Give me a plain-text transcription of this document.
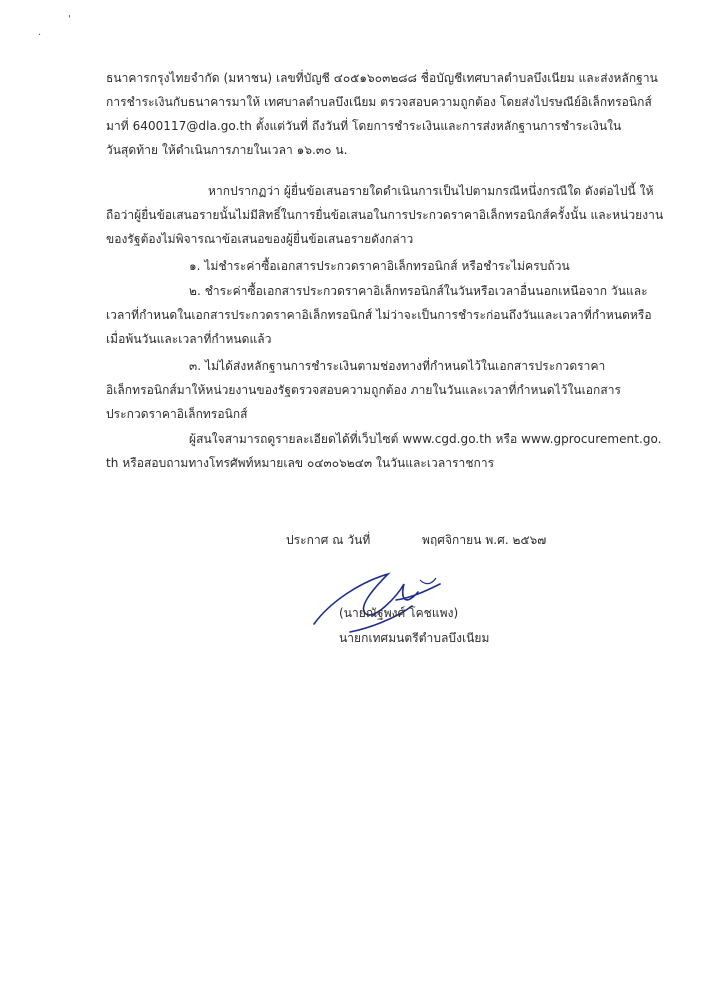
'
·
ธนาคารกรุงไทยจำกัด (มหาชน) เลขที่บัญชี ๔๐๕๑๖๐๓๒๘๘ ชื่อบัญชีเทศบาลตำบลบึงเนียม และส่งหลักฐาน
การชำระเงินกับธนาคารมาให้ เทศบาลตำบลบึงเนียม ตรวจสอบความถูกต้อง โดยส่งไปรษณีย์อิเล็กทรอนิกส์
มาที่ 6400117@dla.go.th ตั้งแต่วันที่ ถึงวันที่ โดยการชำระเงินและการส่งหลักฐานการชำระเงินใน
วันสุดท้าย ให้ดำเนินการภายในเวลา ๑๖.๓๐ น.
หากปรากฏว่า ผู้ยื่นข้อเสนอรายใดดำเนินการเป็นไปตามกรณีหนึ่งกรณีใด ดังต่อไปนี้ ให้
ถือว่าผู้ยื่นข้อเสนอรายนั้นไม่มีสิทธิ์ในการยื่นข้อเสนอในการประกวดราคาอิเล็กทรอนิกส์ครั้งนั้น และหน่วยงาน
ของรัฐต้องไม่พิจารณาข้อเสนอของผู้ยื่นข้อเสนอรายดังกล่าว
๑. ไม่ชำระค่าซื้อเอกสารประกวดราคาอิเล็กทรอนิกส์ หรือชำระไม่ครบถ้วน
๒. ชำระค่าซื้อเอกสารประกวดราคาอิเล็กทรอนิกส์ในวันหรือเวลาอื่นนอกเหนือจาก วันและ
เวลาที่กำหนดในเอกสารประกวดราคาอิเล็กทรอนิกส์ ไม่ว่าจะเป็นการชำระก่อนถึงวันและเวลาที่กำหนดหรือ
เมื่อพ้นวันและเวลาที่กำหนดแล้ว
๓. ไม่ได้ส่งหลักฐานการชำระเงินตามช่องทางที่กำหนดไว้ในเอกสารประกวดราคา
อิเล็กทรอนิกส์มาให้หน่วยงานของรัฐตรวจสอบความถูกต้อง ภายในวันและเวลาที่กำหนดไว้ในเอกสาร
ประกวดราคาอิเล็กทรอนิกส์
ผู้สนใจสามารถดูรายละเอียดได้ที่เว็บไซต์ www.cgd.go.th หรือ www.gprocurement.go.
th หรือสอบถามทางโทรศัพท์หมายเลข ๐๔๓๐๖๒๔๓ ในวันและเวลาราชการ
ประกาศ ณ วันที่	พฤศจิกายน พ.ศ. ๒๕๖๗
(นายณัฐพงศ์ โคชแพง)
นายกเทศมนตรีตำบลบึงเนียม
